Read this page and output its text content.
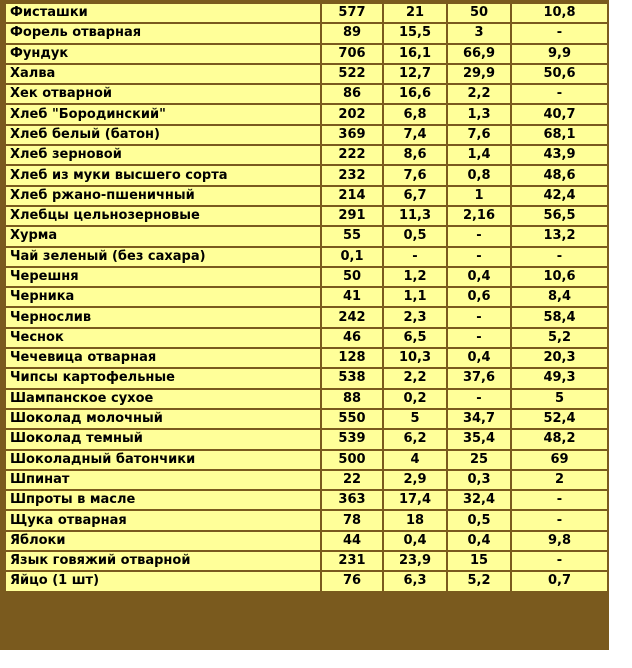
Фисташки	577	21	50	10,8
Форель отварная	89	15,5	3	-
Фундук	706	16,1	66,9	9,9
Халва	522	12,7	29,9	50,6
Хек отварной	86	16,6	2,2	-
Хлеб "Бородинский"	202	6,8	1,3	40,7
Хлеб белый (батон)	369	7,4	7,6	68,1
Хлеб зерновой	222	8,6	1,4	43,9
Хлеб из муки высшего сорта	232	7,6	0,8	48,6
Хлеб ржано-пшеничный	214	6,7	1	42,4
Хлебцы цельнозерновые	291	11,3	2,16	56,5
Хурма	55	0,5	-	13,2
Чай зеленый (без сахара)	0,1	-	-	-
Черешня	50	1,2	0,4	10,6
Черника	41	1,1	0,6	8,4
Чернослив	242	2,3	-	58,4
Чеснок	46	6,5	-	5,2
Чечевица отварная	128	10,3	0,4	20,3
Чипсы картофельные	538	2,2	37,6	49,3
Шампанское сухое	88	0,2	-	5
Шоколад молочный	550	5	34,7	52,4
Шоколад темный	539	6,2	35,4	48,2
Шоколадный батончики	500	4	25	69
Шпинат	22	2,9	0,3	2
Шпроты в масле	363	17,4	32,4	-
Щука отварная	78	18	0,5	-
Яблоки	44	0,4	0,4	9,8
Язык говяжий отварной	231	23,9	15	-
Яйцо (1 шт)	76	6,3	5,2	0,7
